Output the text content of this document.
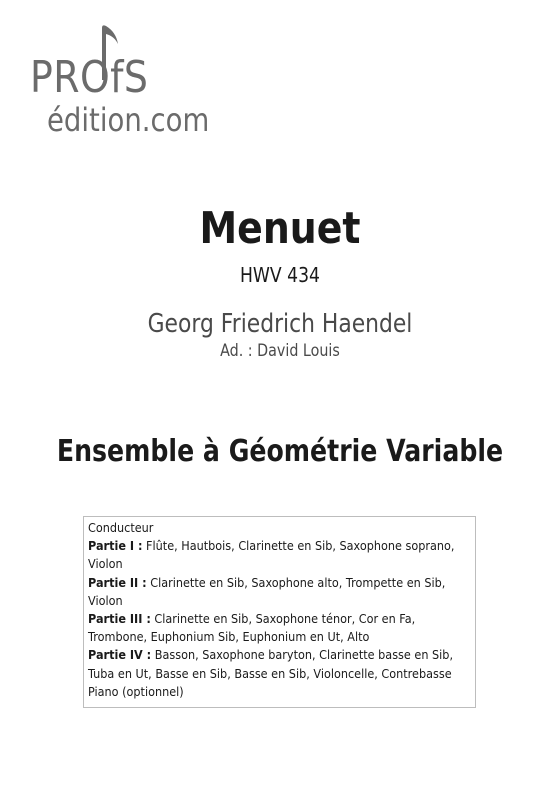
PROfS
édition.com
Menuet
HWV 434
Georg Friedrich Haendel
Ad. : David Louis
Ensemble à Géométrie Variable
Conducteur
Partie I : Flûte, Hautbois, Clarinette en Sib, Saxophone soprano, Violon
Partie II : Clarinette en Sib, Saxophone alto, Trompette en Sib, Violon
Partie III : Clarinette en Sib, Saxophone ténor, Cor en Fa, Trombone, Euphonium Sib, Euphonium en Ut, Alto
Partie IV : Basson, Saxophone baryton, Clarinette basse en Sib, Tuba en Ut, Basse en Sib, Basse en Sib, Violoncelle, Contrebasse
Piano (optionnel)
